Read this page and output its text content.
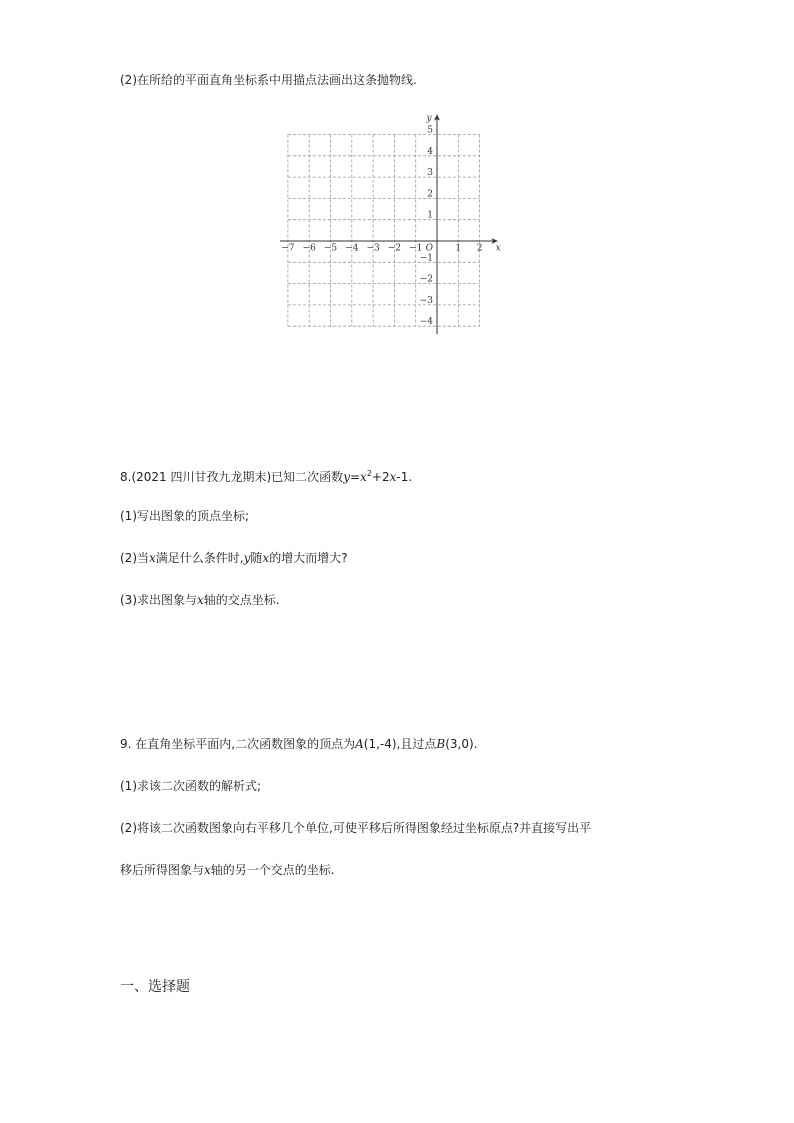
(2)在所给的平面直角坐标系中用描点法画出这条抛物线.
−7 −6 −5 −4 −3 −2 −1	1 2
−4
−3
−2
−1
1
2
3
4
5
O	x
y
8.(2021 四川甘孜九龙期末)已知二次函数$y=x^2+2x-1$.
(1)写出图象的顶点坐标;
(2)当x满足什么条件时,y随x的增大而增大?
(3)求出图象与x轴的交点坐标.
9. 在直角坐标平面内,二次函数图象的顶点为A(1,-4),且过点B(3,0).
(1)求该二次函数的解析式;
(2)将该二次函数图象向右平移几个单位,可使平移后所得图象经过坐标原点?并直接写出平
移后所得图象与x轴的另一个交点的坐标.
一、选择题
